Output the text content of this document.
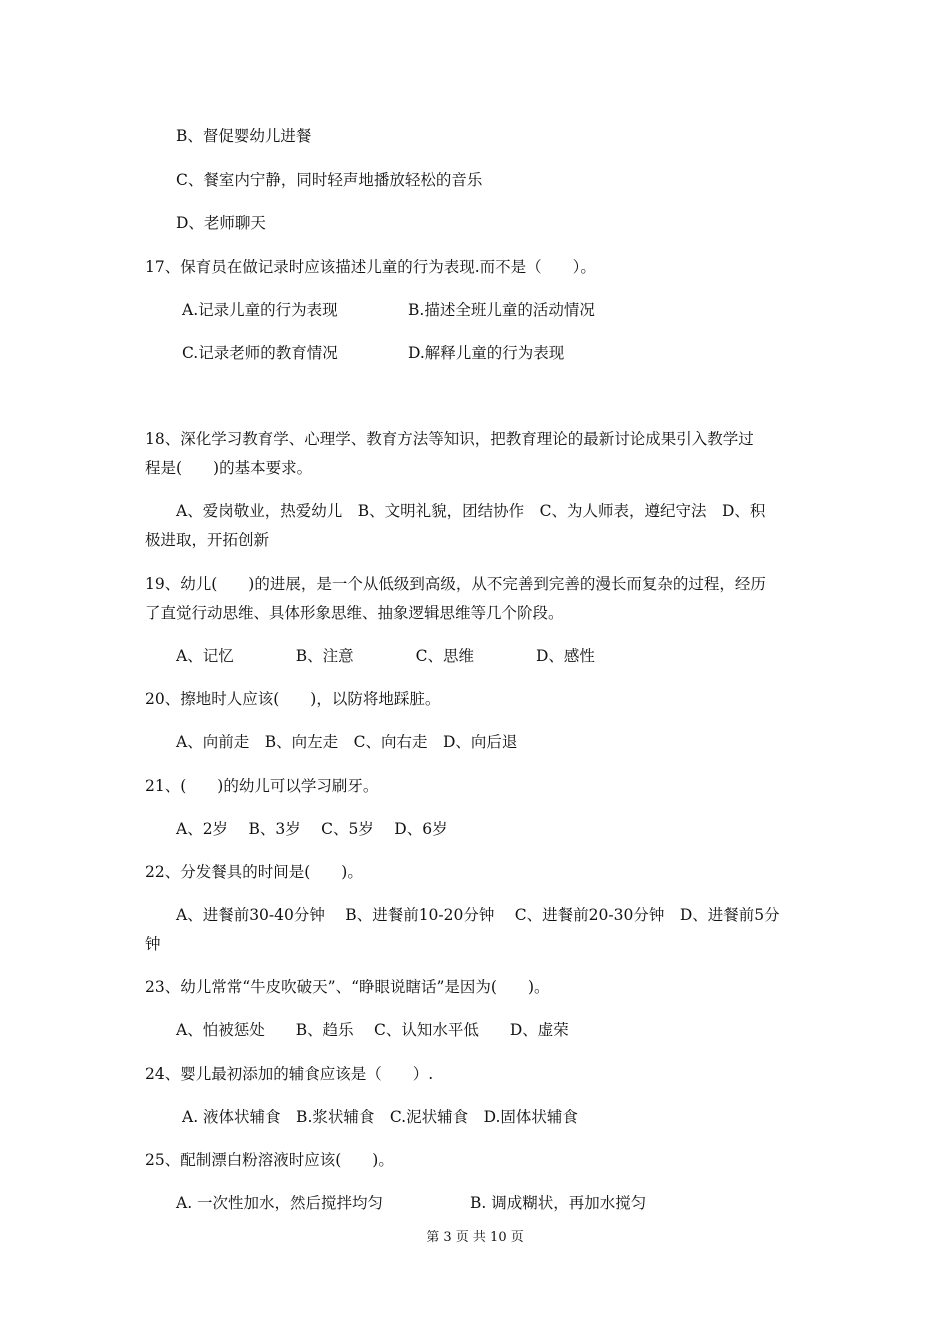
B、督促婴幼儿进餐
C、餐室内宁静，同时轻声地播放轻松的音乐
D、老师聊天
17、保育员在做记录时应该描述儿童的行为表现.而不是（　　）。
A.记录儿童的行为表现	B.描述全班儿童的活动情况
C.记录老师的教育情况	D.解释儿童的行为表现
18、深化学习教育学、心理学、教育方法等知识，把教育理论的最新讨论成果引入教学过
程是(　　)的基本要求。
A、爱岗敬业，热爱幼儿　B、文明礼貌，团结协作　C、为人师表，遵纪守法　D、积
极进取，开拓创新
19、幼儿(　　)的进展，是一个从低级到高级，从不完善到完善的漫长而复杂的过程，经历
了直觉行动思维、具体形象思维、抽象逻辑思维等几个阶段。
A、记忆　　　　B、注意　　　　C、思维　　　　D、感性
20、擦地时人应该(　　)，以防将地踩脏。
A、向前走　B、向左走　C、向右走　D、向后退
21、(　　)的幼儿可以学习刷牙。
A、2岁　 B、3岁　 C、5岁　 D、6岁
22、分发餐具的时间是(　　)。
A、进餐前30-40分钟　 B、进餐前10-20分钟　 C、进餐前20-30分钟　D、进餐前5分
钟
23、幼儿常常“牛皮吹破天”、“睁眼说瞎话”是因为(　　)。
A、怕被惩处　　B、趋乐　 C、认知水平低　　D、虚荣
24、婴儿最初添加的辅食应该是（　　）.
A. 液体状辅食　B.浆状辅食　C.泥状辅食　D.固体状辅食
25、配制漂白粉溶液时应该(　　)。
A. 一次性加水，然后搅拌均匀	B. 调成糊状，再加水搅匀
第 3 页 共 10 页
